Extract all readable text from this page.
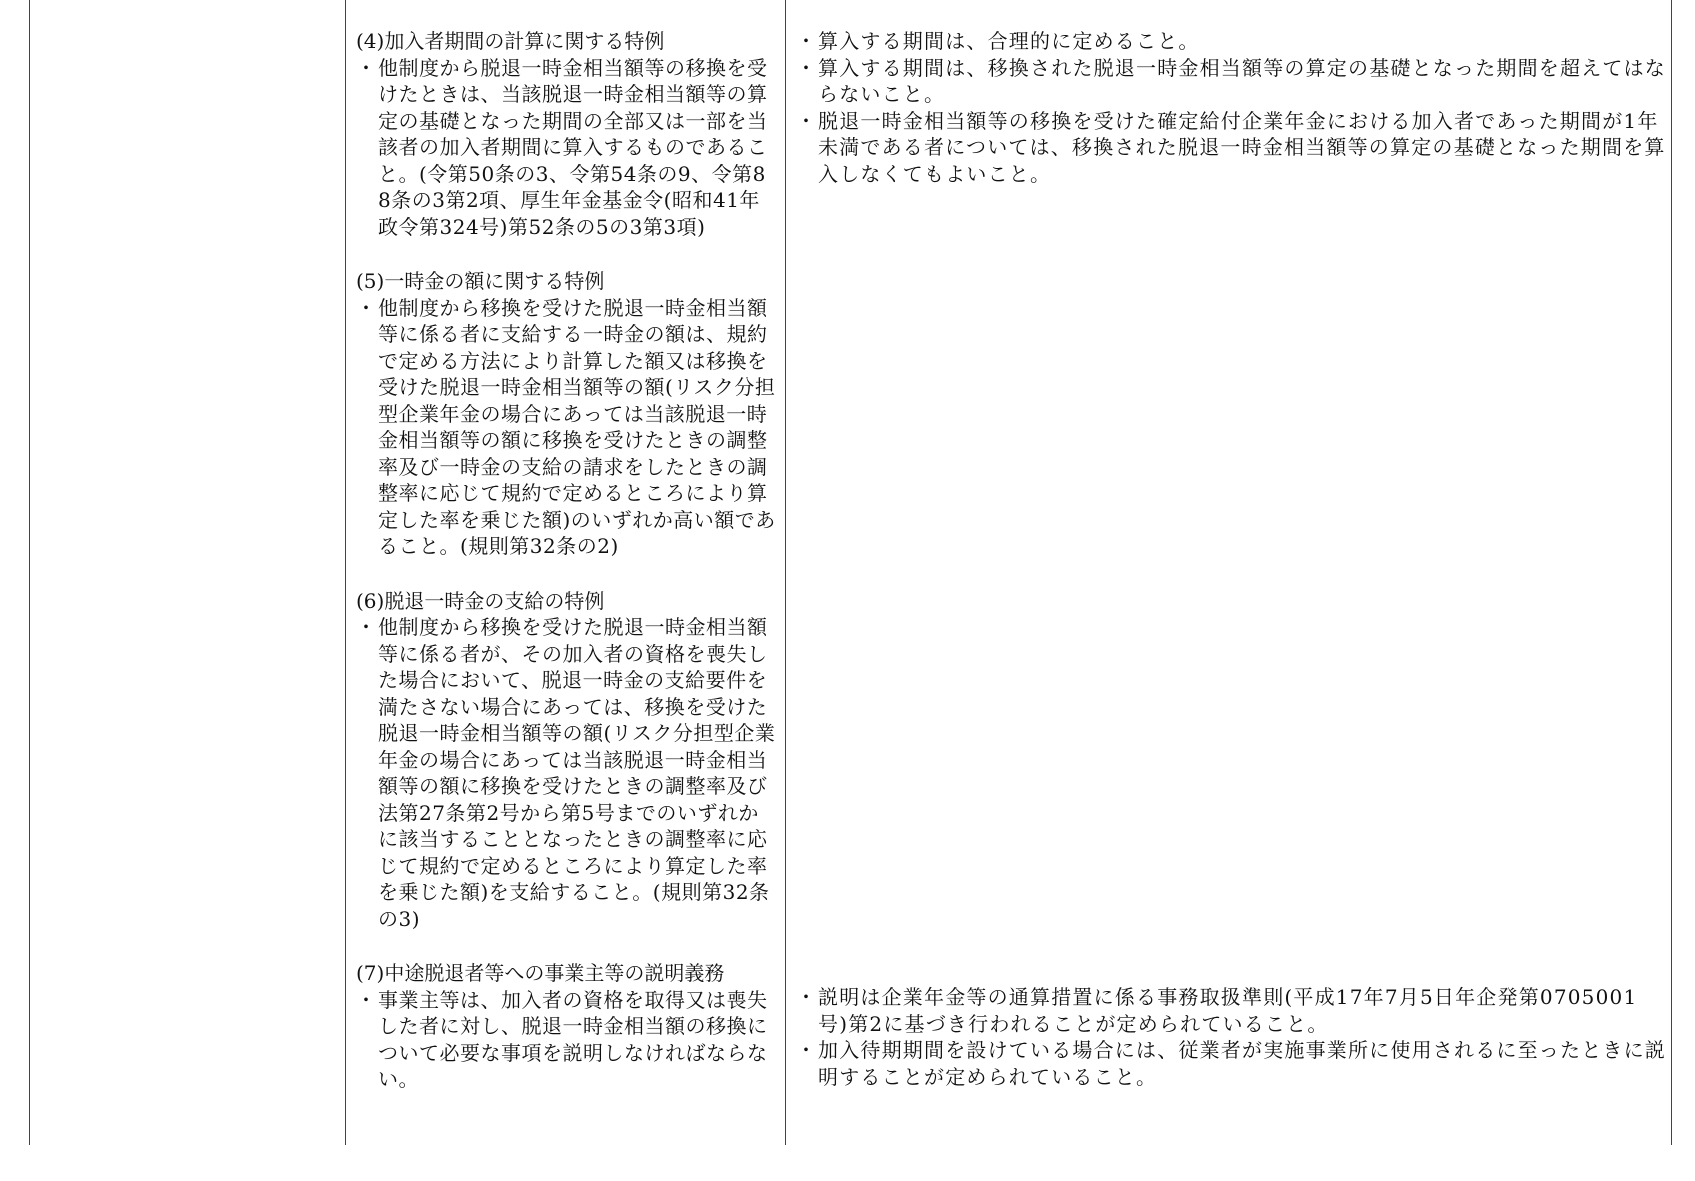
(4)加入者期間の計算に関する特例
・ 他制度から脱退一時金相当額等の移換を受けたときは、当該脱退一時金相当額等の算定の基礎となった期間の全部又は一部を当該者の加入者期間に算入するものであること。(令第50条の3、令第54条の9、令第88条の3第2項、厚生年金基金令(昭和41年政令第324号)第52条の5の3第3項)
(5)一時金の額に関する特例
・ 他制度から移換を受けた脱退一時金相当額等に係る者に支給する一時金の額は、規約で定める方法により計算した額又は移換を受けた脱退一時金相当額等の額(リスク分担型企業年金の場合にあっては当該脱退一時金相当額等の額に移換を受けたときの調整率及び一時金の支給の請求をしたときの調整率に応じて規約で定めるところにより算定した率を乗じた額)のいずれか高い額であること。(規則第32条の2)
(6)脱退一時金の支給の特例
・ 他制度から移換を受けた脱退一時金相当額等に係る者が、その加入者の資格を喪失した場合において、脱退一時金の支給要件を満たさない場合にあっては、移換を受けた脱退一時金相当額等の額(リスク分担型企業年金の場合にあっては当該脱退一時金相当額等の額に移換を受けたときの調整率及び法第27条第2号から第5号までのいずれかに該当することとなったときの調整率に応じて規約で定めるところにより算定した率を乗じた額)を支給すること。(規則第32条の3)
(7)中途脱退者等への事業主等の説明義務
・ 事業主等は、加入者の資格を取得又は喪失した者に対し、脱退一時金相当額の移換について必要な事項を説明しなければならない。
・ 算入する期間は、合理的に定めること。
・ 算入する期間は、移換された脱退一時金相当額等の算定の基礎となった期間を超えてはならないこと。
・ 脱退一時金相当額等の移換を受けた確定給付企業年金における加入者であった期間が1年未満である者については、移換された脱退一時金相当額等の算定の基礎となった期間を算入しなくてもよいこと。
・ 説明は企業年金等の通算措置に係る事務取扱準則(平成17年7月5日年企発第0705001号)第2に基づき行われることが定められていること。
・ 加入待期期間を設けている場合には、従業者が実施事業所に使用されるに至ったときに説明することが定められていること。
